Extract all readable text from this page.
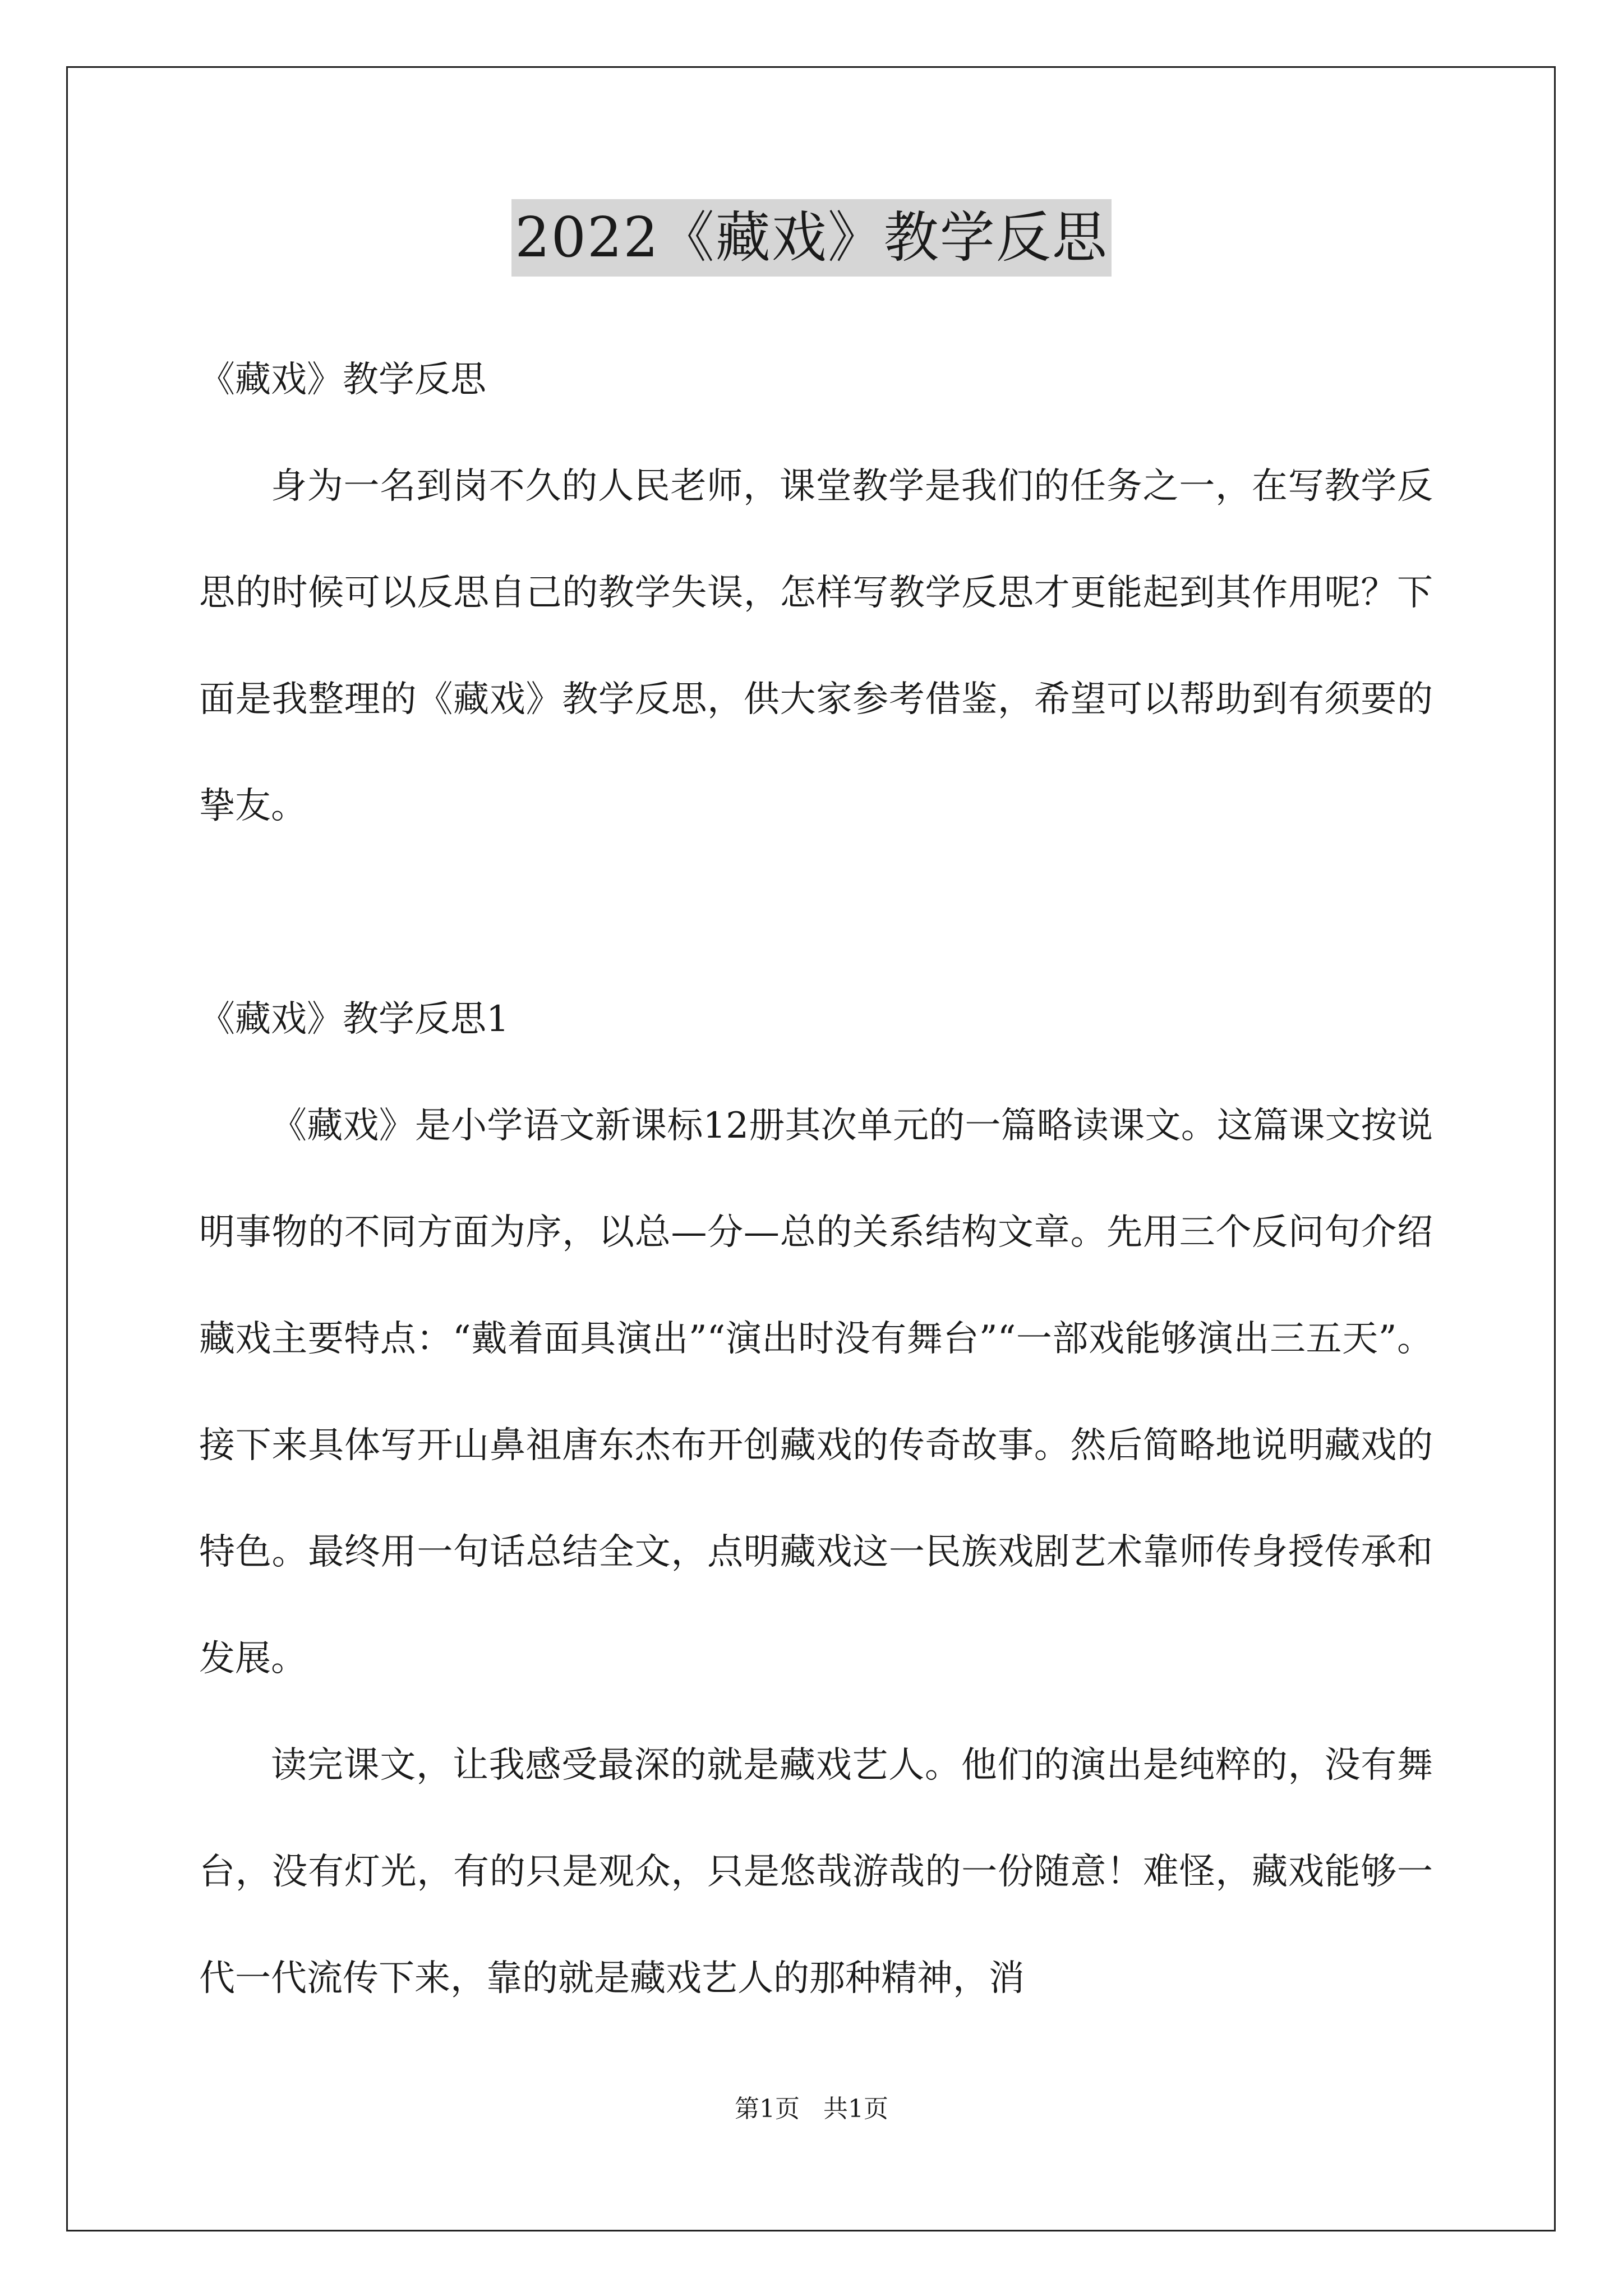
2022《藏戏》教学反思

《藏戏》教学反思

身为一名到岗不久的人民老师，课堂教学是我们的任务之一，在写教学反思的时候可以反思自己的教学失误，怎样写教学反思才更能起到其作用呢？下面是我整理的《藏戏》教学反思，供大家参考借鉴，希望可以帮助到有须要的挚友。

《藏戏》教学反思1

《藏戏》是小学语文新课标12册其次单元的一篇略读课文。这篇课文按说明事物的不同方面为序，以总—分—总的关系结构文章。先用三个反问句介绍藏戏主要特点：“戴着面具演出”“演出时没有舞台”“一部戏能够演出三五天”。接下来具体写开山鼻祖唐东杰布开创藏戏的传奇故事。然后简略地说明藏戏的特色。最终用一句话总结全文，点明藏戏这一民族戏剧艺术靠师传身授传承和发展。

读完课文，让我感受最深的就是藏戏艺人。他们的演出是纯粹的，没有舞台，没有灯光，有的只是观众，只是悠哉游哉的一份随意！难怪，藏戏能够一代一代流传下来，靠的就是藏戏艺人的那种精神，消

第1页   共1页
